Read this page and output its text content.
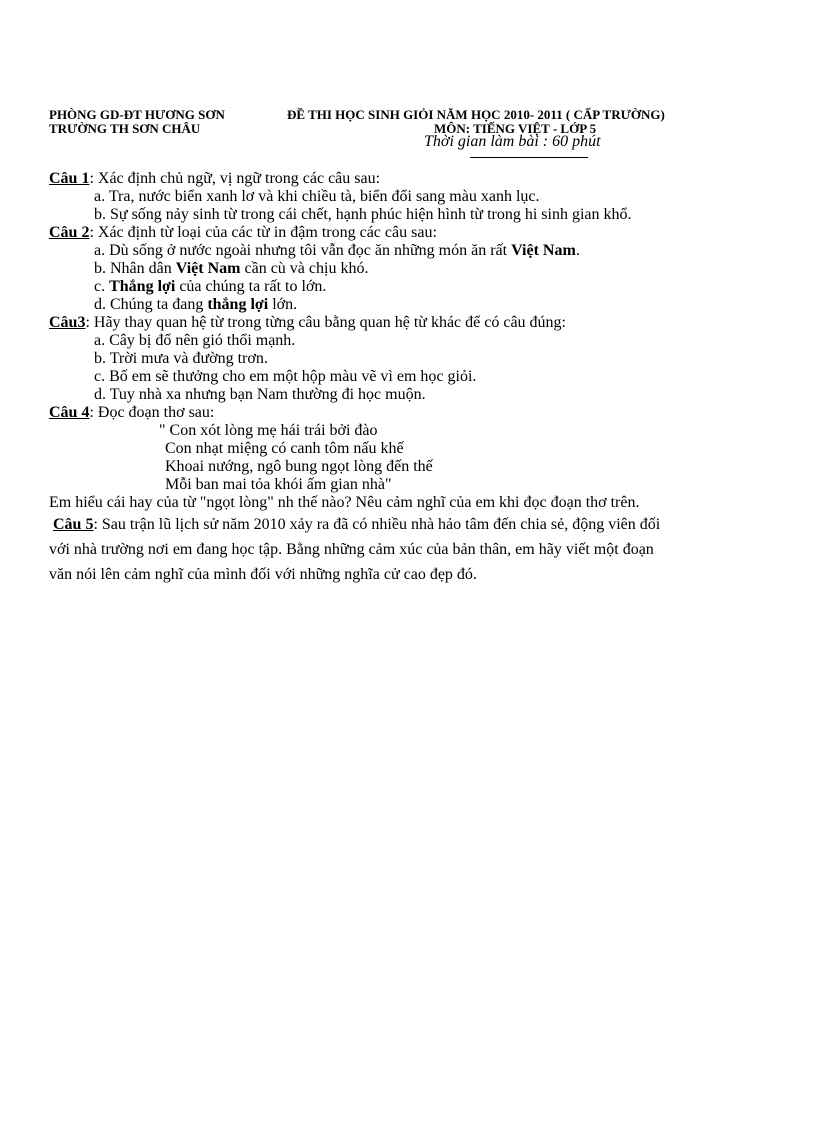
PHÒNG GD-ĐT HƯƠNG SƠN
TRƯỜNG TH SƠN CHÂU
ĐỀ THI HỌC SINH GIỎI NĂM HỌC 2010- 2011 ( CẤP TRƯỜNG)
MÔN: TIẾNG VIỆT - LỚP 5
Thời gian làm bài : 60 phút
Câu 1: Xác định chủ ngữ, vị ngữ trong các câu sau:
a. Tra, nước biển xanh lơ và khi chiều tà, biển đổi sang màu xanh lục.
b. Sự sống nảy sinh từ trong cái chết, hạnh phúc hiện hình từ trong hi sinh gian khổ.
Câu 2: Xác định từ loại của các từ in đậm trong các câu sau:
a. Dù sống ở nước ngoài nhưng tôi vẫn đọc ăn những món ăn rất Việt Nam.
b. Nhân dân Việt Nam cần cù và chịu khó.
c. Thắng lợi của chúng ta rất to lớn.
d. Chúng ta đang thắng lợi lớn.
Câu3: Hãy thay quan hệ từ trong từng câu bằng quan hệ từ khác để có câu đúng:
a. Cây bị đổ nên gió thổi mạnh.
b. Trời mưa và đường trơn.
c. Bố em sẽ thưởng cho em một hộp màu vẽ vì em học giỏi.
d. Tuy nhà xa nhưng bạn Nam thường đi học muộn.
Câu 4: Đọc đoạn thơ sau:
" Con xót lòng mẹ hái trái bởi đào
Con nhạt miệng có canh tôm nấu khế
Khoai nướng, ngô bung ngọt lòng đến thế
Mỗi ban mai tỏa khói ấm gian nhà"
Em hiểu cái hay của từ "ngọt lòng" nh thế nào? Nêu cảm nghĩ của em khi đọc đoạn thơ trên.
Câu 5: Sau trận lũ lịch sử năm 2010 xảy ra đã có nhiều nhà hảo tâm đến chia sẻ, động viên đối
với nhà trường nơi em đang học tập. Bằng những cảm xúc của bản thân, em hãy viết một đoạn
văn nói lên cảm nghĩ của mình đối với những nghĩa cử cao đẹp đó.
